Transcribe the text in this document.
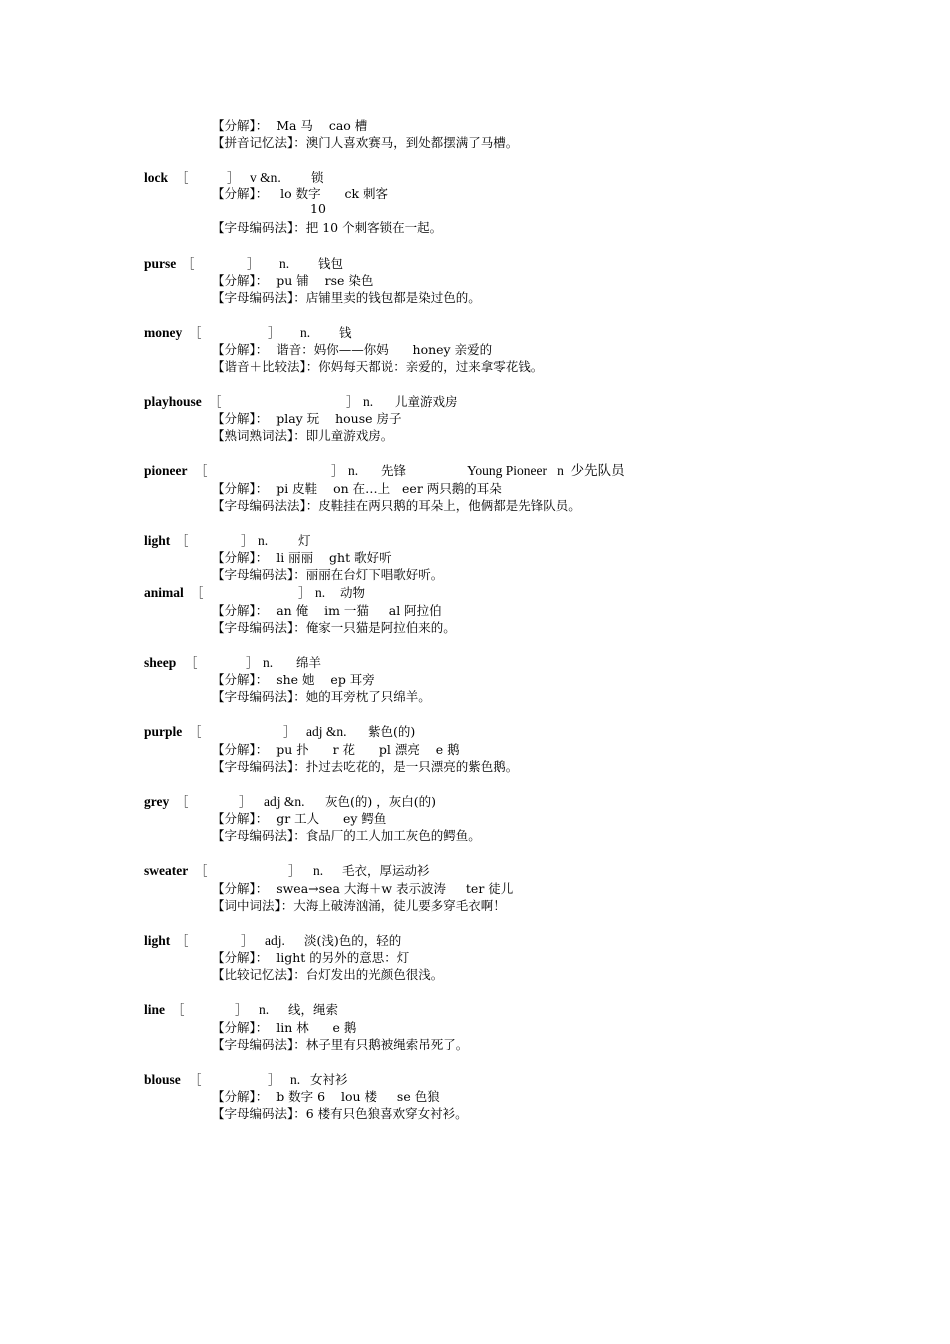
【分解】：  Ma 马    cao 槽
【拼音记忆法】：澳门人喜欢赛马，到处都摆满了马槽。
lock ［	］ v &n. 锁
【分解】：   lo 数字      ck 刺客
10
【字母编码法】：把 10 个刺客锁在一起。
purse ［	］ n. 钱包
【分解】：  pu 铺    rse 染色
【字母编码法】：店铺里卖的钱包都是染过色的。
money ［	］ n. 钱
【分解】：  谐音：妈你——你妈      honey 亲爱的
【谐音＋比较法】：你妈每天都说：亲爱的，过来拿零花钱。
playhouse ［	］ n. 儿童游戏房
【分解】：  play 玩    house 房子
【熟词熟词法】：即儿童游戏房。
pioneer ［	］ n. 先锋	Young Pioneer   n  少先队员
【分解】：  pi 皮鞋    on 在…上   eer 两只鹅的耳朵
【字母编码法法】：皮鞋挂在两只鹅的耳朵上，他俩都是先锋队员。
light ［	］ n. 灯
【分解】：  li 丽丽    ght 歌好听
【字母编码法】：丽丽在台灯下唱歌好听。
animal ［	］ n. 动物
【分解】：  an 俺    im 一猫     al 阿拉伯
【字母编码法】：俺家一只猫是阿拉伯来的。
sheep ［	］ n. 绵羊
【分解】：  she 她    ep 耳旁
【字母编码法】：她的耳旁枕了只绵羊。
purple ［	］ adj &n. 紫色(的)
【分解】：  pu 扑      r 花      pl 漂亮    e 鹅
【字母编码法】：扑过去吃花的，是一只漂亮的紫色鹅。
grey ［	］ adj &n. 灰色(的) ，灰白(的)
【分解】：  gr 工人      ey 鳄鱼
【字母编码法】：食品厂的工人加工灰色的鳄鱼。
sweater ［	］ n. 毛衣，厚运动衫
【分解】：  swea→sea 大海＋w 表示波涛     ter 徒儿
【词中词法】：大海上破涛汹涌，徒儿要多穿毛衣啊！
light ［	］ adj. 淡(浅)色的，轻的
【分解】：  light 的另外的意思：灯
【比较记忆法】：台灯发出的光颜色很浅。
line ［	］ n. 线，绳索
【分解】：  lin 林      e 鹅
【字母编码法】：林子里有只鹅被绳索吊死了。
blouse ［	］ n. 女衬衫
【分解】：  b 数字 6    lou 楼     se 色狼
【字母编码法】：6 楼有只色狼喜欢穿女衬衫。
